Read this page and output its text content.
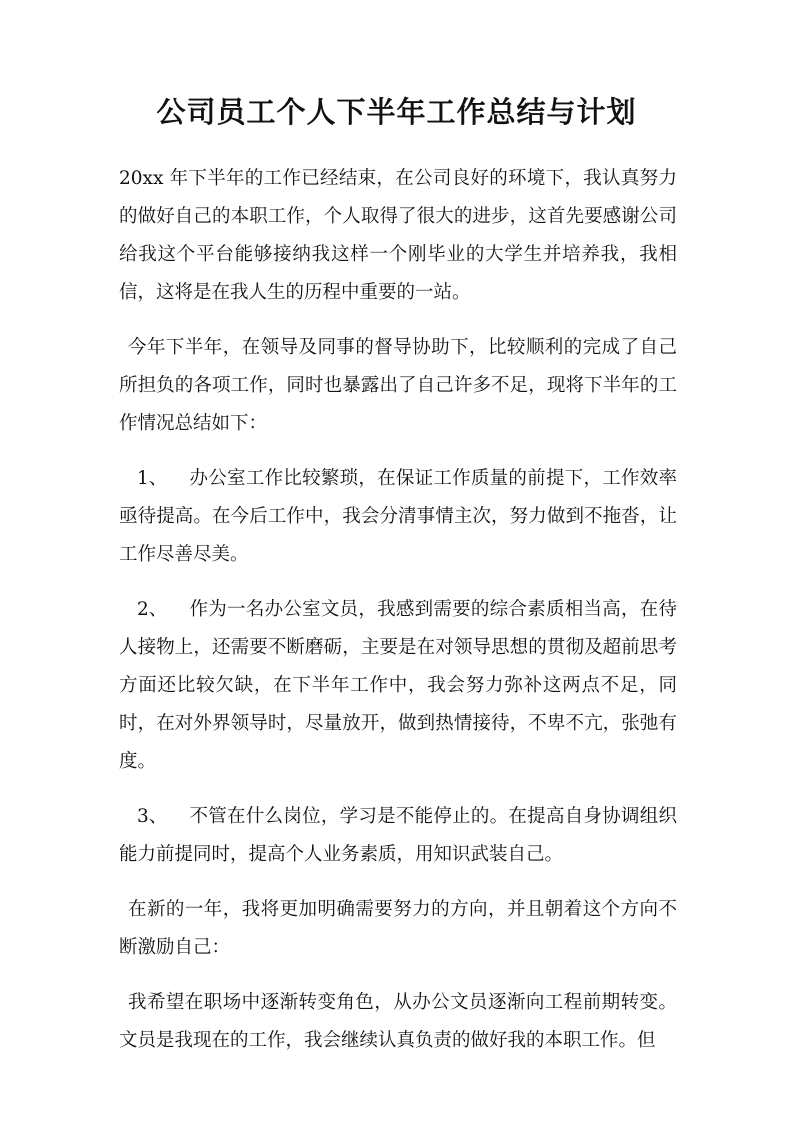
公司员工个人下半年工作总结与计划

20xx 年下半年的工作已经结束，在公司良好的环境下，我认真努力的做好自己的本职工作，个人取得了很大的进步，这首先要感谢公司给我这个平台能够接纳我这样一个刚毕业的大学生并培养我，我相信，这将是在我人生的历程中重要的一站。

今年下半年，在领导及同事的督导协助下，比较顺利的完成了自己所担负的各项工作，同时也暴露出了自己许多不足，现将下半年的工作情况总结如下：

1、 办公室工作比较繁琐，在保证工作质量的前提下，工作效率亟待提高。在今后工作中，我会分清事情主次，努力做到不拖沓，让工作尽善尽美。

2、 作为一名办公室文员，我感到需要的综合素质相当高，在待人接物上，还需要不断磨砺，主要是在对领导思想的贯彻及超前思考方面还比较欠缺，在下半年工作中，我会努力弥补这两点不足，同时，在对外界领导时，尽量放开，做到热情接待，不卑不亢，张弛有度。

3、 不管在什么岗位，学习是不能停止的。在提高自身协调组织能力前提同时，提高个人业务素质，用知识武装自己。

在新的一年，我将更加明确需要努力的方向，并且朝着这个方向不断激励自己：

我希望在职场中逐渐转变角色，从办公文员逐渐向工程前期转变。文员是我现在的工作，我会继续认真负责的做好我的本职工作。但
